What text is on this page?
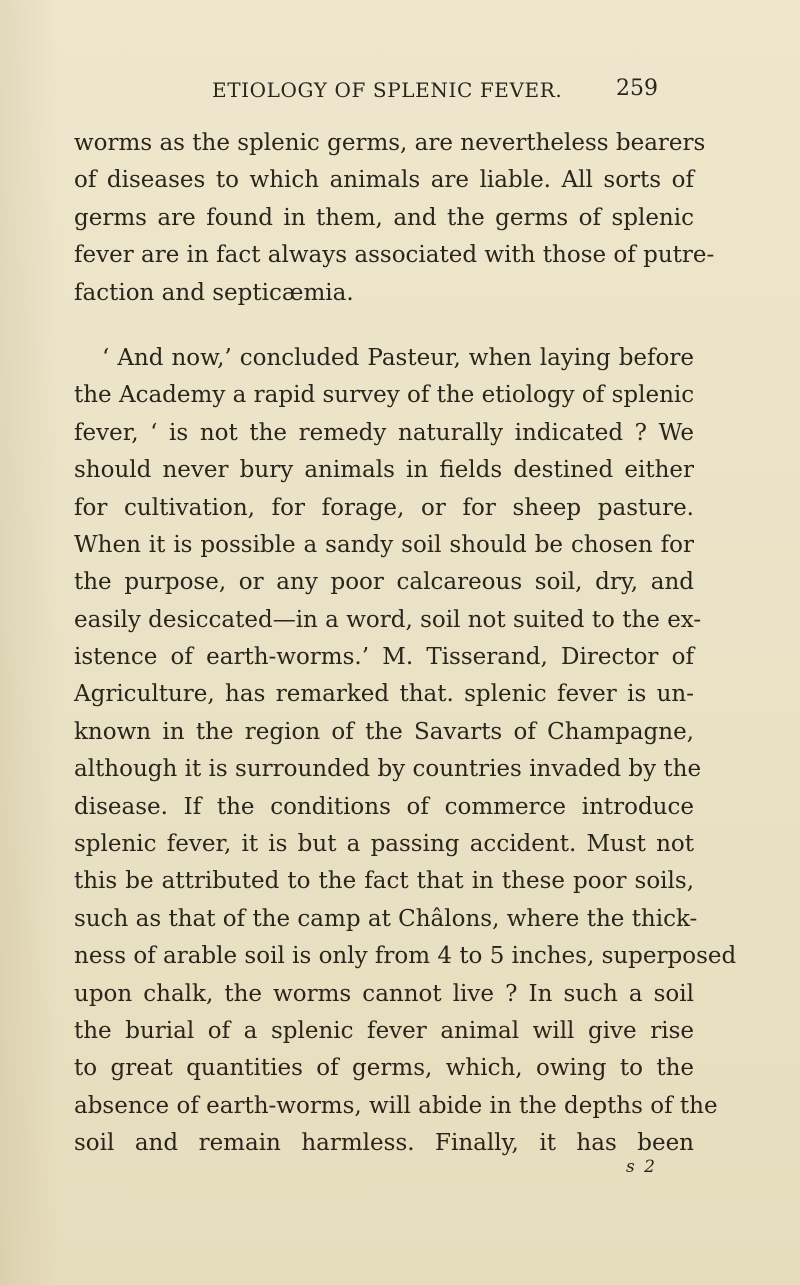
ETIOLOGY OF SPLENIC FEVER. 259
worms as the splenic germs, are nevertheless bearers
of diseases to which animals are liable. All sorts of
germs are found in them, and the germs of splenic
fever are in fact always associated with those of putre-
faction and septicæmia.
‘ And now,’ concluded Pasteur, when laying before
the Academy a rapid survey of the etiology of splenic
fever, ‘ is not the remedy naturally indicated ? We
should never bury animals in fields destined either
for cultivation, for forage, or for sheep pasture.
When it is possible a sandy soil should be chosen for
the purpose, or any poor calcareous soil, dry, and
easily desiccated—in a word, soil not suited to the ex-
istence of earth-worms.’ M. Tisserand, Director of
Agriculture, has remarked that. splenic fever is un-
known in the region of the Savarts of Champagne,
although it is surrounded by countries invaded by the
disease. If the conditions of commerce introduce
splenic fever, it is but a passing accident. Must not
this be attributed to the fact that in these poor soils,
such as that of the camp at Châlons, where the thick-
ness of arable soil is only from 4 to 5 inches, superposed
upon chalk, the worms cannot live ? In such a soil
the burial of a splenic fever animal will give rise
to great quantities of germs, which, owing to the
absence of earth-worms, will abide in the depths of the
soil and remain harmless. Finally, it has been
s 2
